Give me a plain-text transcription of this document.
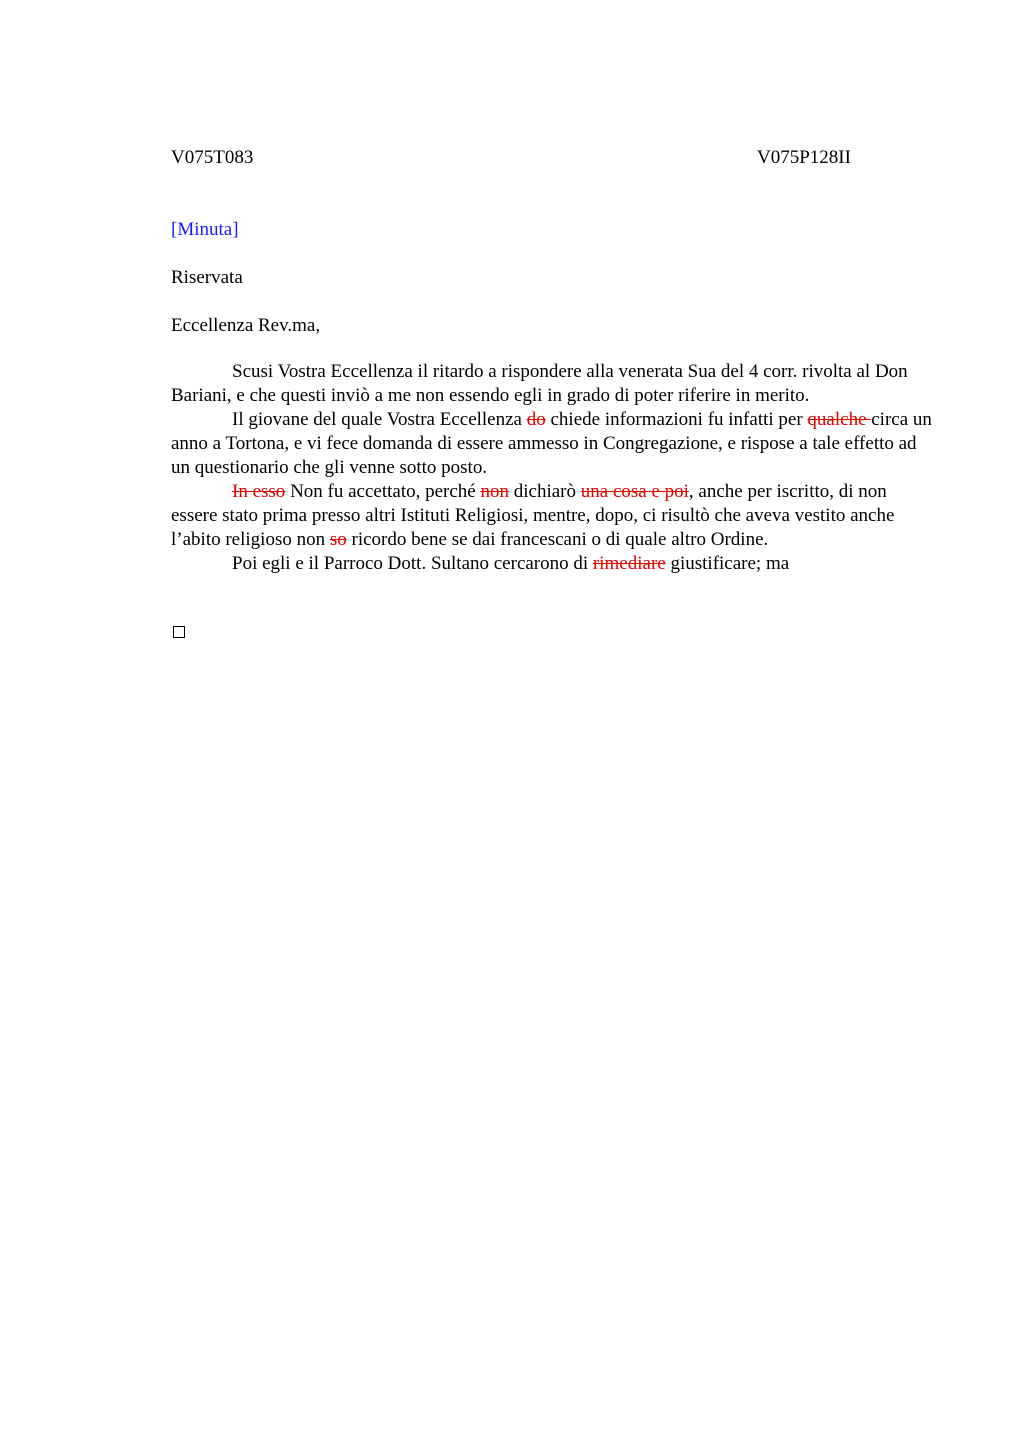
V075T083	V075P128II
[Minuta]
Riservata
Eccellenza Rev.ma,

Scusi Vostra Eccellenza il ritardo a rispondere alla venerata Sua del 4 corr. rivolta al Don Bariani, e che questi inviò a me non essendo egli in grado di poter riferire in merito.

Il giovane del quale Vostra Eccellenza do chiede informazioni fu infatti per qualche circa un anno a Tortona, e vi fece domanda di essere ammesso in Congregazione, e rispose a tale effetto ad un questionario che gli venne sotto posto.

In esso Non fu accettato, perché non dichiarò una cosa e poi, anche per iscritto, di non essere stato prima presso altri Istituti Religiosi, mentre, dopo, ci risultò che aveva vestito anche l’abito religioso non so ricordo bene se dai francescani o di quale altro Ordine.

Poi egli e il Parroco Dott. Sultano cercarono di rimediare giustificare; ma
